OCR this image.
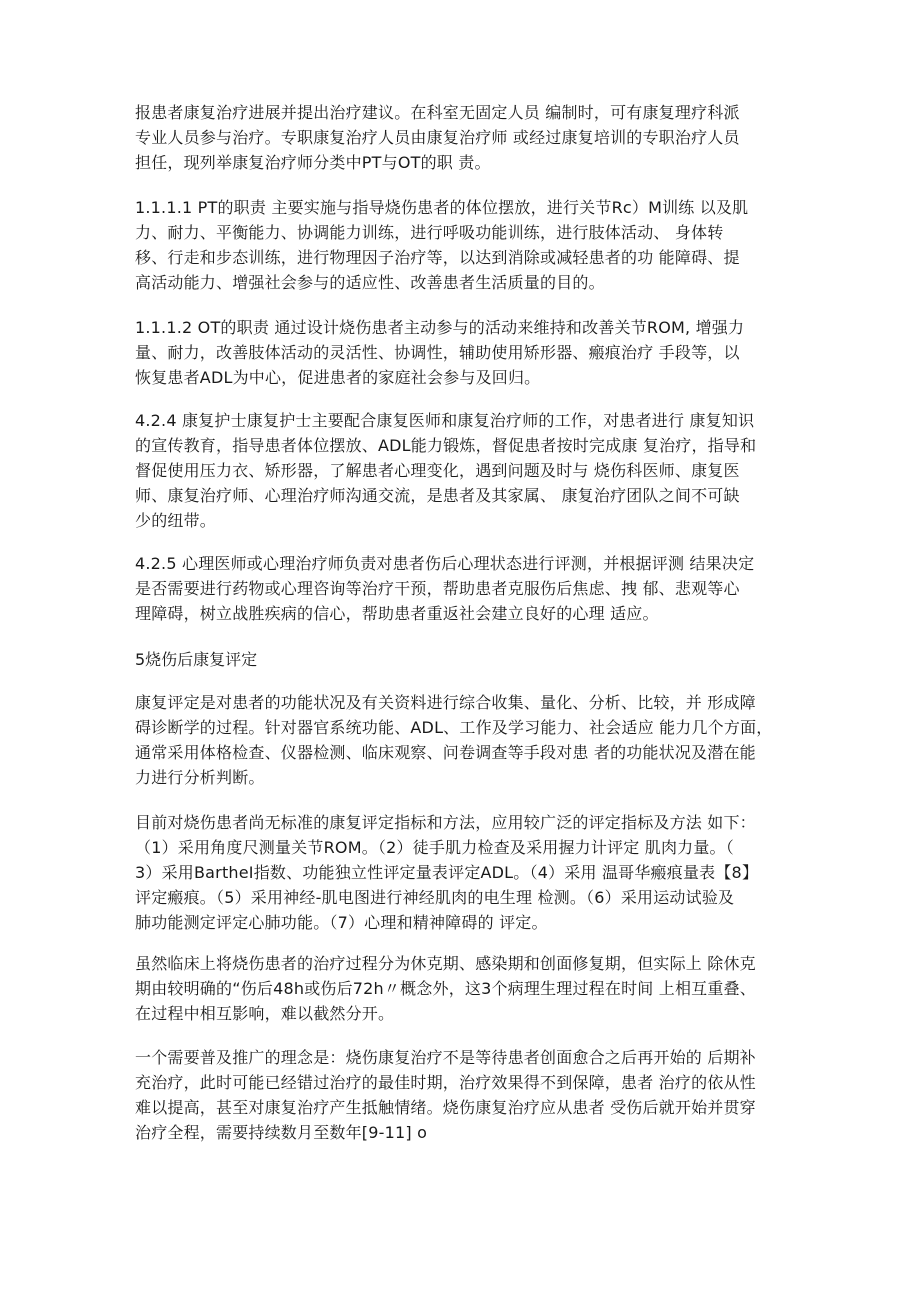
报患者康复治疗进展并提出治疗建议。在科室无固定人员 编制时，可有康复理疗科派
专业人员参与治疗。专职康复治疗人员由康复治疗师 或经过康复培训的专职治疗人员
担任，现列举康复治疗师分类中PT与OT的职 责。

1.1.1.1 PT的职责 主要实施与指导烧伤患者的体位摆放，进行关节Rc）M训练 以及肌
力、耐力、平衡能力、协调能力训练，进行呼吸功能训练，进行肢体活动、 身体转
移、行走和步态训练，进行物理因子治疗等，以达到消除或减轻患者的功 能障碍、提
高活动能力、增强社会参与的适应性、改善患者生活质量的目的。

1.1.1.2 OT的职责 通过设计烧伤患者主动参与的活动来维持和改善关节ROM, 增强力
量、耐力，改善肢体活动的灵活性、协调性，辅助使用矫形器、瘢痕治疗 手段等，以
恢复患者ADL为中心，促进患者的家庭社会参与及回归。

4.2.4 康复护士康复护士主要配合康复医师和康复治疗师的工作，对患者进行 康复知识
的宣传教育，指导患者体位摆放、ADL能力锻炼，督促患者按时完成康 复治疗，指导和
督促使用压力衣、矫形器，了解患者心理变化，遇到问题及时与 烧伤科医师、康复医
师、康复治疗师、心理治疗师沟通交流，是患者及其家属、 康复治疗团队之间不可缺
少的纽带。

4.2.5 心理医师或心理治疗师负责对患者伤后心理状态进行评测，并根据评测 结果决定
是否需要进行药物或心理咨询等治疗干预，帮助患者克服伤后焦虑、拽 郁、悲观等心
理障碍，树立战胜疾病的信心，帮助患者重返社会建立良好的心理 适应。

5烧伤后康复评定

康复评定是对患者的功能状况及有关资料进行综合收集、量化、分析、比较，并 形成障
碍诊断学的过程。针对器官系统功能、ADL、工作及学习能力、社会适应 能力几个方面，
通常采用体格检查、仪器检测、临床观察、问卷调查等手段对患 者的功能状况及潜在能
力进行分析判断。

目前对烧伤患者尚无标准的康复评定指标和方法，应用较广泛的评定指标及方法 如下：
（1）采用角度尺测量关节ROM。（2）徒手肌力检查及采用握力计评定 肌肉力量。（
3）采用BartheI指数、功能独立性评定量表评定ADL。（4）采用 温哥华瘢痕量表【8】
评定瘢痕。（5）采用神经-肌电图进行神经肌肉的电生理 检测。（6）采用运动试验及
肺功能测定评定心肺功能。（7）心理和精神障碍的 评定。

虽然临床上将烧伤患者的治疗过程分为休克期、感染期和创面修复期，但实际上 除休克
期由较明确的“伤后48h或伤后72h〃概念外，这3个病理生理过程在时间 上相互重叠、
在过程中相互影响，难以截然分开。

一个需要普及推广的理念是：烧伤康复治疗不是等待患者创面愈合之后再开始的 后期补
充治疗，此时可能已经错过治疗的最佳时期，治疗效果得不到保障，患者 治疗的依从性
难以提高，甚至对康复治疗产生抵触情绪。烧伤康复治疗应从患者 受伤后就开始并贯穿
治疗全程，需要持续数月至数年[9-11] o
